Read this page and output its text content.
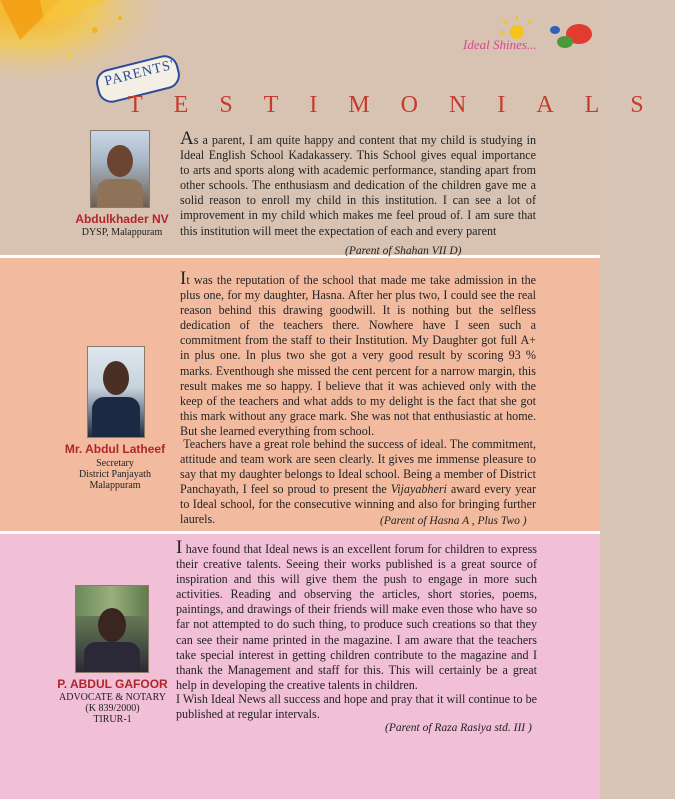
Ideal Shines...
PARENTS'
TESTIMONIALS
Abdulkhader NV
DYSP, Malappuram
As a parent, I am quite happy and content that my child is studying in Ideal English School Kadakassery. This School gives equal importance to arts and sports along with academic performance, standing apart from other schools. The enthusiasm and dedication of the children gave me a solid reason to enroll my child in this institution. I can see a lot of improvement in my child which makes me feel proud of. I am sure that this institution will meet the expectation of each and every parent
(Parent of Shahan VII D)
Mr. Abdul Latheef
Secretary
District Panjayath
Malappuram
It was the reputation of the school that made me take admission in the plus one, for my daughter, Hasna. After her plus two, I could see the real reason behind this drawing goodwill. It is nothing but the selfless dedication of the teachers there. Nowhere have I seen such a commitment from the staff to their Institution. My Daughter got full A+ in plus one. In plus two she got a very good result by scoring 93 % marks. Eventhough she missed the cent percent for a narrow margin, this result makes me so happy. I believe that it was achieved only with the keep of the teachers and what adds to my delight is the fact that she got this mark without any grace mark. She was not that enthusiastic at home. But she learned everything from school.
Teachers have a great role behind the success of ideal. The commitment, attitude and team work are seen clearly. It gives me immense pleasure to say that my daughter belongs to Ideal school. Being a member of District Panchayath, I feel so proud to present the Vijayabheri award every year to Ideal school, for the consecutive winning and also for bringing further laurels.	(Parent of Hasna A , Plus Two )
P. ABDUL GAFOOR
ADVOCATE & NOTARY
(K 839/2000)
TIRUR-1
I have found that Ideal news is an excellent forum for children to express their creative talents. Seeing their works published is a great source of inspiration and this will give them the push to engage in more such activities. Reading and observing the articles, short stories, poems, paintings, and drawings of their friends will make even those who have so far not attempted to do such thing, to produce such creations so that they can see their name printed in the magazine. I am aware that the teachers take special interest in getting children contribute to the magazine and I thank the Management and staff for this. This will certainly be a great help in developing the creative talents in children.
I Wish Ideal News all success and hope and pray that it will continue to be published at regular intervals.
(Parent of Raza Rasiya std. III )
